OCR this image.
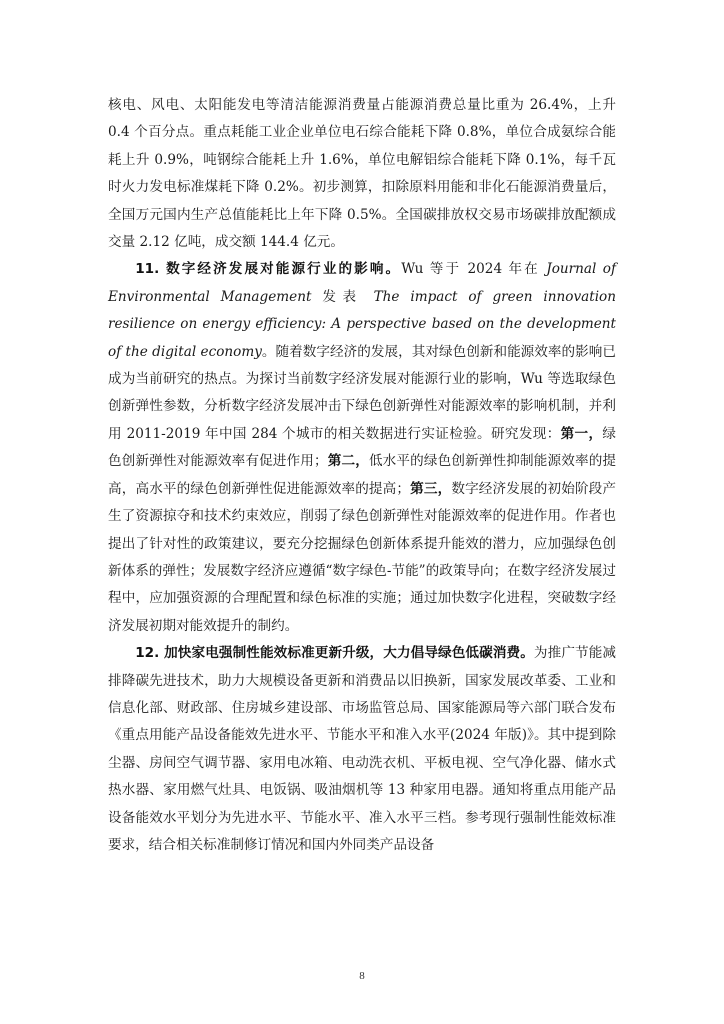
核电、风电、太阳能发电等清洁能源消费量占能源消费总量比重为 26.4%，上升 0.4 个百分点。重点耗能工业企业单位电石综合能耗下降 0.8%，单位合成氨综合能耗上升 0.9%，吨钢综合能耗上升 1.6%，单位电解铝综合能耗下降 0.1%，每千瓦时火力发电标准煤耗下降 0.2%。初步测算，扣除原料用能和非化石能源消费量后，全国万元国内生产总值能耗比上年下降 0.5%。全国碳排放权交易市场碳排放配额成交量 2.12 亿吨，成交额 144.4 亿元。

11. 数字经济发展对能源行业的影响。Wu 等于 2024 年在 Journal of Environmental Management 发表 The impact of green innovation resilience on energy efficiency: A perspective based on the development of the digital economy。随着数字经济的发展，其对绿色创新和能源效率的影响已成为当前研究的热点。为探讨当前数字经济发展对能源行业的影响，Wu 等选取绿色创新弹性参数，分析数字经济发展冲击下绿色创新弹性对能源效率的影响机制，并利用 2011-2019 年中国 284 个城市的相关数据进行实证检验。研究发现：第一，绿色创新弹性对能源效率有促进作用；第二，低水平的绿色创新弹性抑制能源效率的提高，高水平的绿色创新弹性促进能源效率的提高；第三，数字经济发展的初始阶段产生了资源掠夺和技术约束效应，削弱了绿色创新弹性对能源效率的促进作用。作者也提出了针对性的政策建议，要充分挖掘绿色创新体系提升能效的潜力，应加强绿色创新体系的弹性；发展数字经济应遵循“数字绿色-节能”的政策导向；在数字经济发展过程中，应加强资源的合理配置和绿色标准的实施；通过加快数字化进程，突破数字经济发展初期对能效提升的制约。

12. 加快家电强制性能效标准更新升级，大力倡导绿色低碳消费。为推广节能减排降碳先进技术，助力大规模设备更新和消费品以旧换新，国家发展改革委、工业和信息化部、财政部、住房城乡建设部、市场监管总局、国家能源局等六部门联合发布《重点用能产品设备能效先进水平、节能水平和准入水平(2024 年版)》。其中提到除尘器、房间空气调节器、家用电冰箱、电动洗衣机、平板电视、空气净化器、储水式热水器、家用燃气灶具、电饭锅、吸油烟机等 13 种家用电器。通知将重点用能产品设备能效水平划分为先进水平、节能水平、准入水平三档。参考现行强制性能效标准要求，结合相关标准制修订情况和国内外同类产品设备

8
